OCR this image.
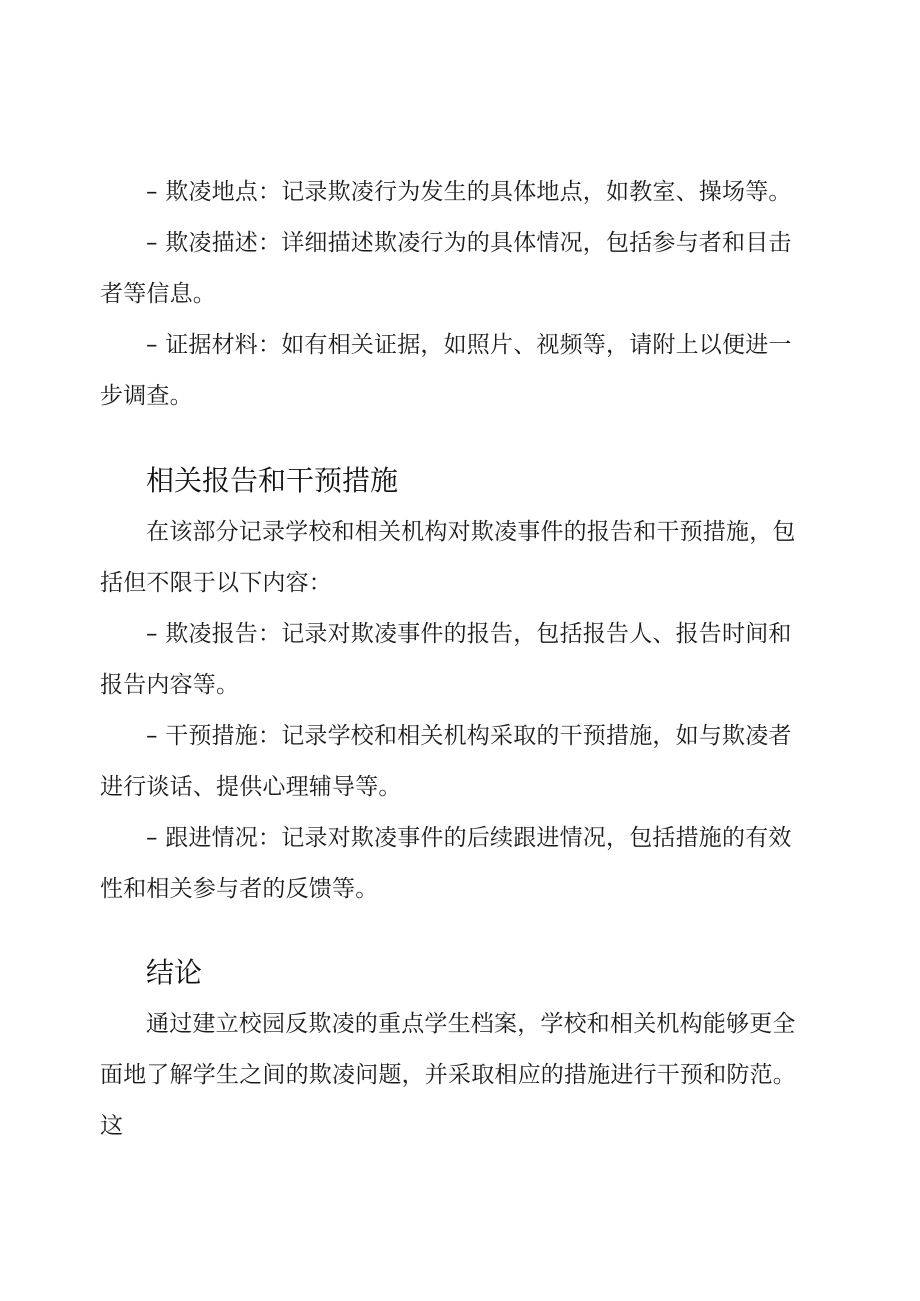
– 欺凌地点：记录欺凌行为发生的具体地点，如教室、操场等。

– 欺凌描述：详细描述欺凌行为的具体情况，包括参与者和目击者等信息。

– 证据材料：如有相关证据，如照片、视频等，请附上以便进一步调查。

相关报告和干预措施

在该部分记录学校和相关机构对欺凌事件的报告和干预措施，包括但不限于以下内容：

– 欺凌报告：记录对欺凌事件的报告，包括报告人、报告时间和报告内容等。

– 干预措施：记录学校和相关机构采取的干预措施，如与欺凌者进行谈话、提供心理辅导等。

– 跟进情况：记录对欺凌事件的后续跟进情况，包括措施的有效性和相关参与者的反馈等。

结论

通过建立校园反欺凌的重点学生档案，学校和相关机构能够更全面地了解学生之间的欺凌问题，并采取相应的措施进行干预和防范。这
